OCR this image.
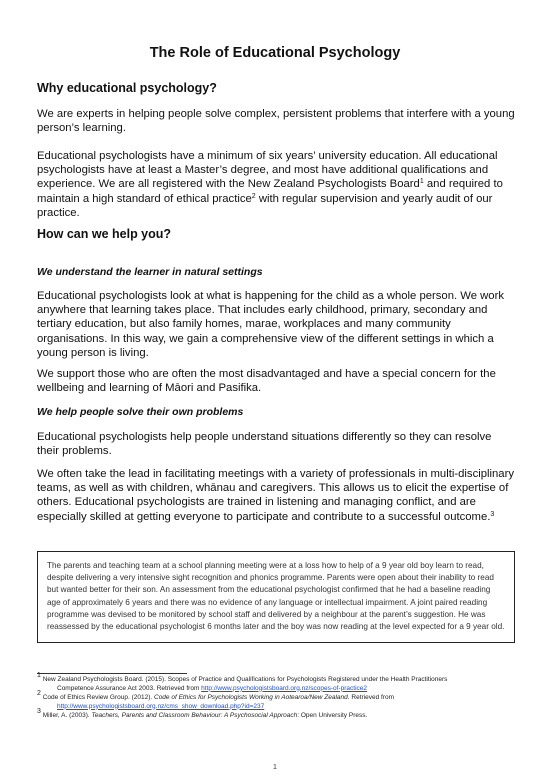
The Role of Educational Psychology
Why educational psychology?

We are experts in helping people solve complex, persistent problems that interfere with a young person’s learning.

Educational psychologists have a minimum of six years’ university education. All educational psychologists have at least a Master’s degree, and most have additional qualifications and experience. We are all registered with the New Zealand Psychologists Board$^1$ and required to maintain a high standard of ethical practice$^2$ with regular supervision and yearly audit of our practice.

How can we help you?
We understand the learner in natural settings

Educational psychologists look at what is happening for the child as a whole person. We work anywhere that learning takes place. That includes early childhood, primary, secondary and tertiary education, but also family homes, marae, workplaces and many community organisations. In this way, we gain a comprehensive view of the different settings in which a young person is living.

We support those who are often the most disadvantaged and have a special concern for the wellbeing and learning of Māori and Pasifika.

We help people solve their own problems

Educational psychologists help people understand situations differently so they can resolve their problems.

We often take the lead in facilitating meetings with a variety of professionals in multi-disciplinary teams, as well as with children, whānau and caregivers. This allows us to elicit the expertise of others. Educational psychologists are trained in listening and managing conflict, and are especially skilled at getting everyone to participate and contribute to a successful outcome.$^3$

The parents and teaching team at a school planning meeting were at a loss how to help of a 9 year old boy learn to read, despite delivering a very intensive sight recognition and phonics programme. Parents were open about their inability to read but wanted better for their son. An assessment from the educational psychologist confirmed that he had a baseline reading age of approximately 6 years and there was no evidence of any language or intellectual impairment. A joint paired reading programme was devised to be monitored by school staff and delivered by a neighbour at the parent’s suggestion. He was reassessed by the educational psychologist 6 months later and the boy was now reading at the level expected for a 9 year old.
$^1$ New Zealand Psychologists Board. (2015). Scopes of Practice and Qualifications for Psychologists Registered under the Health Practitioners
Competence Assurance Act 2003. Retrieved from http://www.psychologistsboard.org.nz/scopes-of-practice2
$^2$ Code of Ethics Review Group. (2012). Code of Ethics for Psychologists Working in Aotearoa/New Zealand. Retrieved from
http://www.psychologistsboard.org.nz/cms_show_download.php?id=237
$^3$ Miller, A. (2003). Teachers, Parents and Classroom Behaviour: A Psychosocial Approach: Open University Press.
1
